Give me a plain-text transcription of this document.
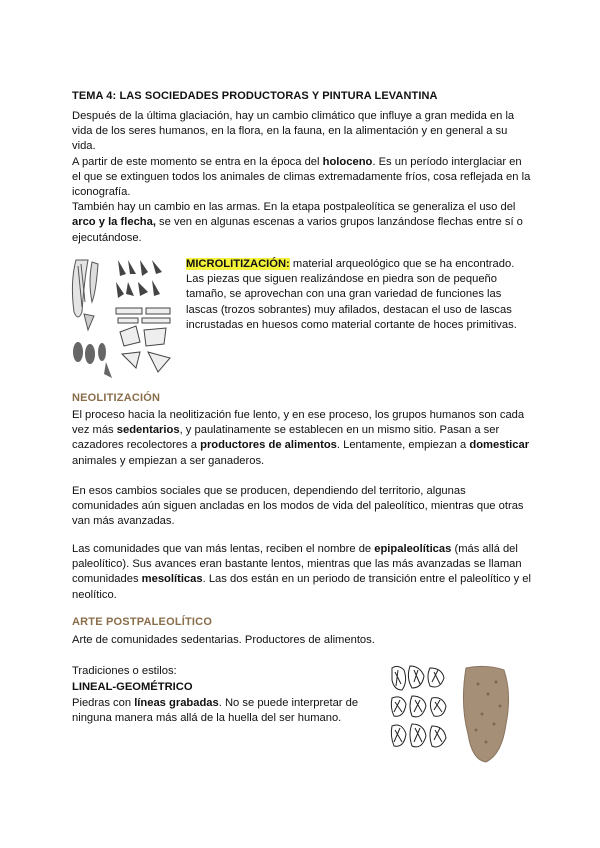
TEMA 4: LAS SOCIEDADES PRODUCTORAS Y PINTURA LEVANTINA
Después de la última glaciación, hay un cambio climático que influye a gran medida en la
vida de los seres humanos, en la flora, en la fauna, en la alimentación y en general a su
vida.
A partir de este momento se entra en la época del holoceno. Es un período interglaciar en
el que se extinguen todos los animales de climas extremadamente fríos, cosa reflejada en la
iconografía.
También hay un cambio en las armas. En la etapa postpaleolítica se generaliza el uso del
arco y la flecha, se ven en algunas escenas a varios grupos lanzándose flechas entre sí o
ejecutándose.
MICROLITIZACIÓN: material arqueológico que se ha encontrado.
Las piezas que siguen realizándose en piedra son de pequeño
tamaño, se aprovechan con una gran variedad de funciones las
lascas (trozos sobrantes) muy afilados, destacan el uso de lascas
incrustadas en huesos como material cortante de hoces primitivas.
NEOLITIZACIÓN
El proceso hacia la neolitización fue lento, y en ese proceso, los grupos humanos son cada
vez más sedentarios, y paulatinamente se establecen en un mismo sitio. Pasan a ser
cazadores recolectores a productores de alimentos. Lentamente, empiezan a domesticar
animales y empiezan a ser ganaderos.
En esos cambios sociales que se producen, dependiendo del territorio, algunas
comunidades aún siguen ancladas en los modos de vida del paleolítico, mientras que otras
van más avanzadas.
Las comunidades que van más lentas, reciben el nombre de epipaleolíticas (más allá del
paleolítico). Sus avances eran bastante lentos, mientras que las más avanzadas se llaman
comunidades mesolíticas. Las dos están en un periodo de transición entre el paleolítico y el
neolítico.
ARTE POSTPALEOLÍTICO
Arte de comunidades sedentarias. Productores de alimentos.
Tradiciones o estilos:
LINEAL-GEOMÉTRICO
Piedras con líneas grabadas. No se puede interpretar de
ninguna manera más allá de la huella del ser humano.
